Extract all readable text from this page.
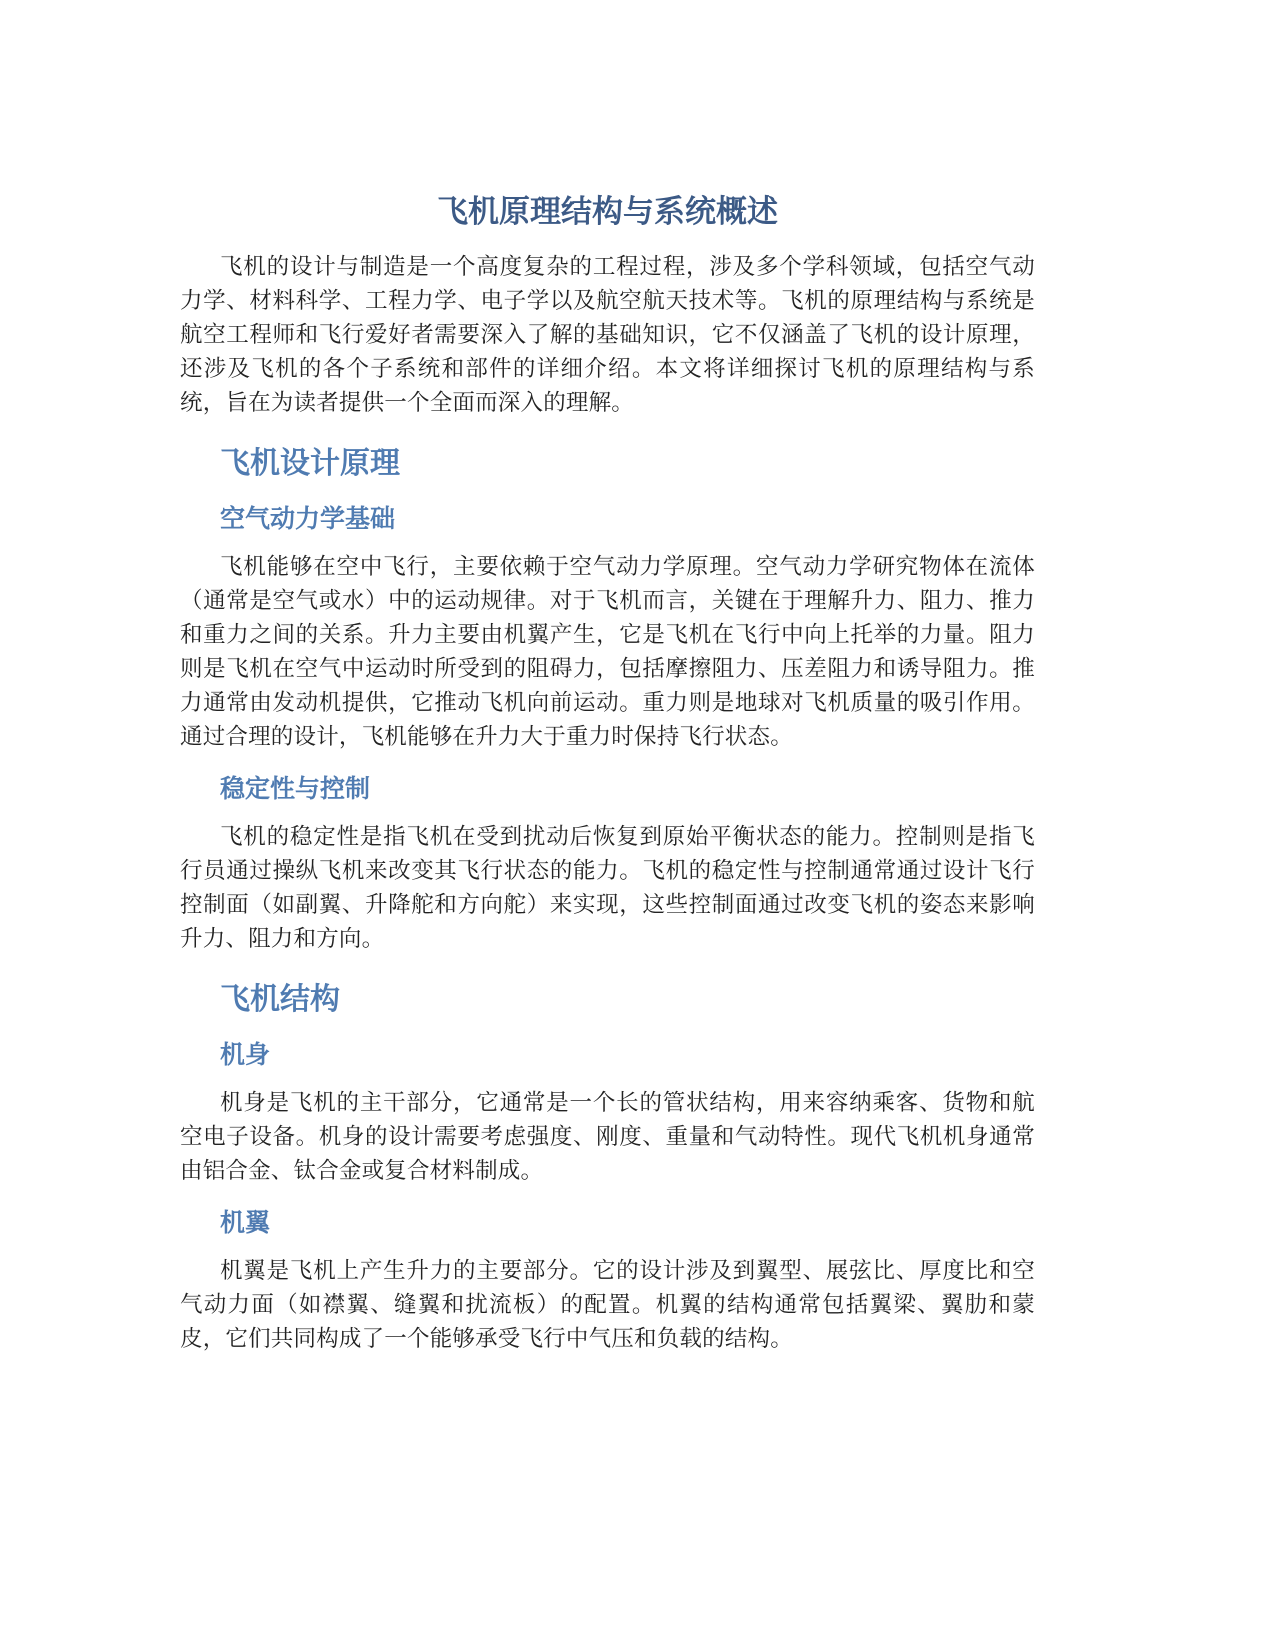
飞机原理结构与系统概述

飞机的设计与制造是一个高度复杂的工程过程，涉及多个学科领域，包括空气动力学、材料科学、工程力学、电子学以及航空航天技术等。飞机的原理结构与系统是航空工程师和飞行爱好者需要深入了解的基础知识，它不仅涵盖了飞机的设计原理，还涉及飞机的各个子系统和部件的详细介绍。本文将详细探讨飞机的原理结构与系统，旨在为读者提供一个全面而深入的理解。

飞机设计原理
空气动力学基础

飞机能够在空中飞行，主要依赖于空气动力学原理。空气动力学研究物体在流体（通常是空气或水）中的运动规律。对于飞机而言，关键在于理解升力、阻力、推力和重力之间的关系。升力主要由机翼产生，它是飞机在飞行中向上托举的力量。阻力则是飞机在空气中运动时所受到的阻碍力，包括摩擦阻力、压差阻力和诱导阻力。推力通常由发动机提供，它推动飞机向前运动。重力则是地球对飞机质量的吸引作用。通过合理的设计，飞机能够在升力大于重力时保持飞行状态。

稳定性与控制

飞机的稳定性是指飞机在受到扰动后恢复到原始平衡状态的能力。控制则是指飞行员通过操纵飞机来改变其飞行状态的能力。飞机的稳定性与控制通常通过设计飞行控制面（如副翼、升降舵和方向舵）来实现，这些控制面通过改变飞机的姿态来影响升力、阻力和方向。

飞机结构
机身

机身是飞机的主干部分，它通常是一个长的管状结构，用来容纳乘客、货物和航空电子设备。机身的设计需要考虑强度、刚度、重量和气动特性。现代飞机机身通常由铝合金、钛合金或复合材料制成。

机翼

机翼是飞机上产生升力的主要部分。它的设计涉及到翼型、展弦比、厚度比和空气动力面（如襟翼、缝翼和扰流板）的配置。机翼的结构通常包括翼梁、翼肋和蒙皮，它们共同构成了一个能够承受飞行中气压和负载的结构。
